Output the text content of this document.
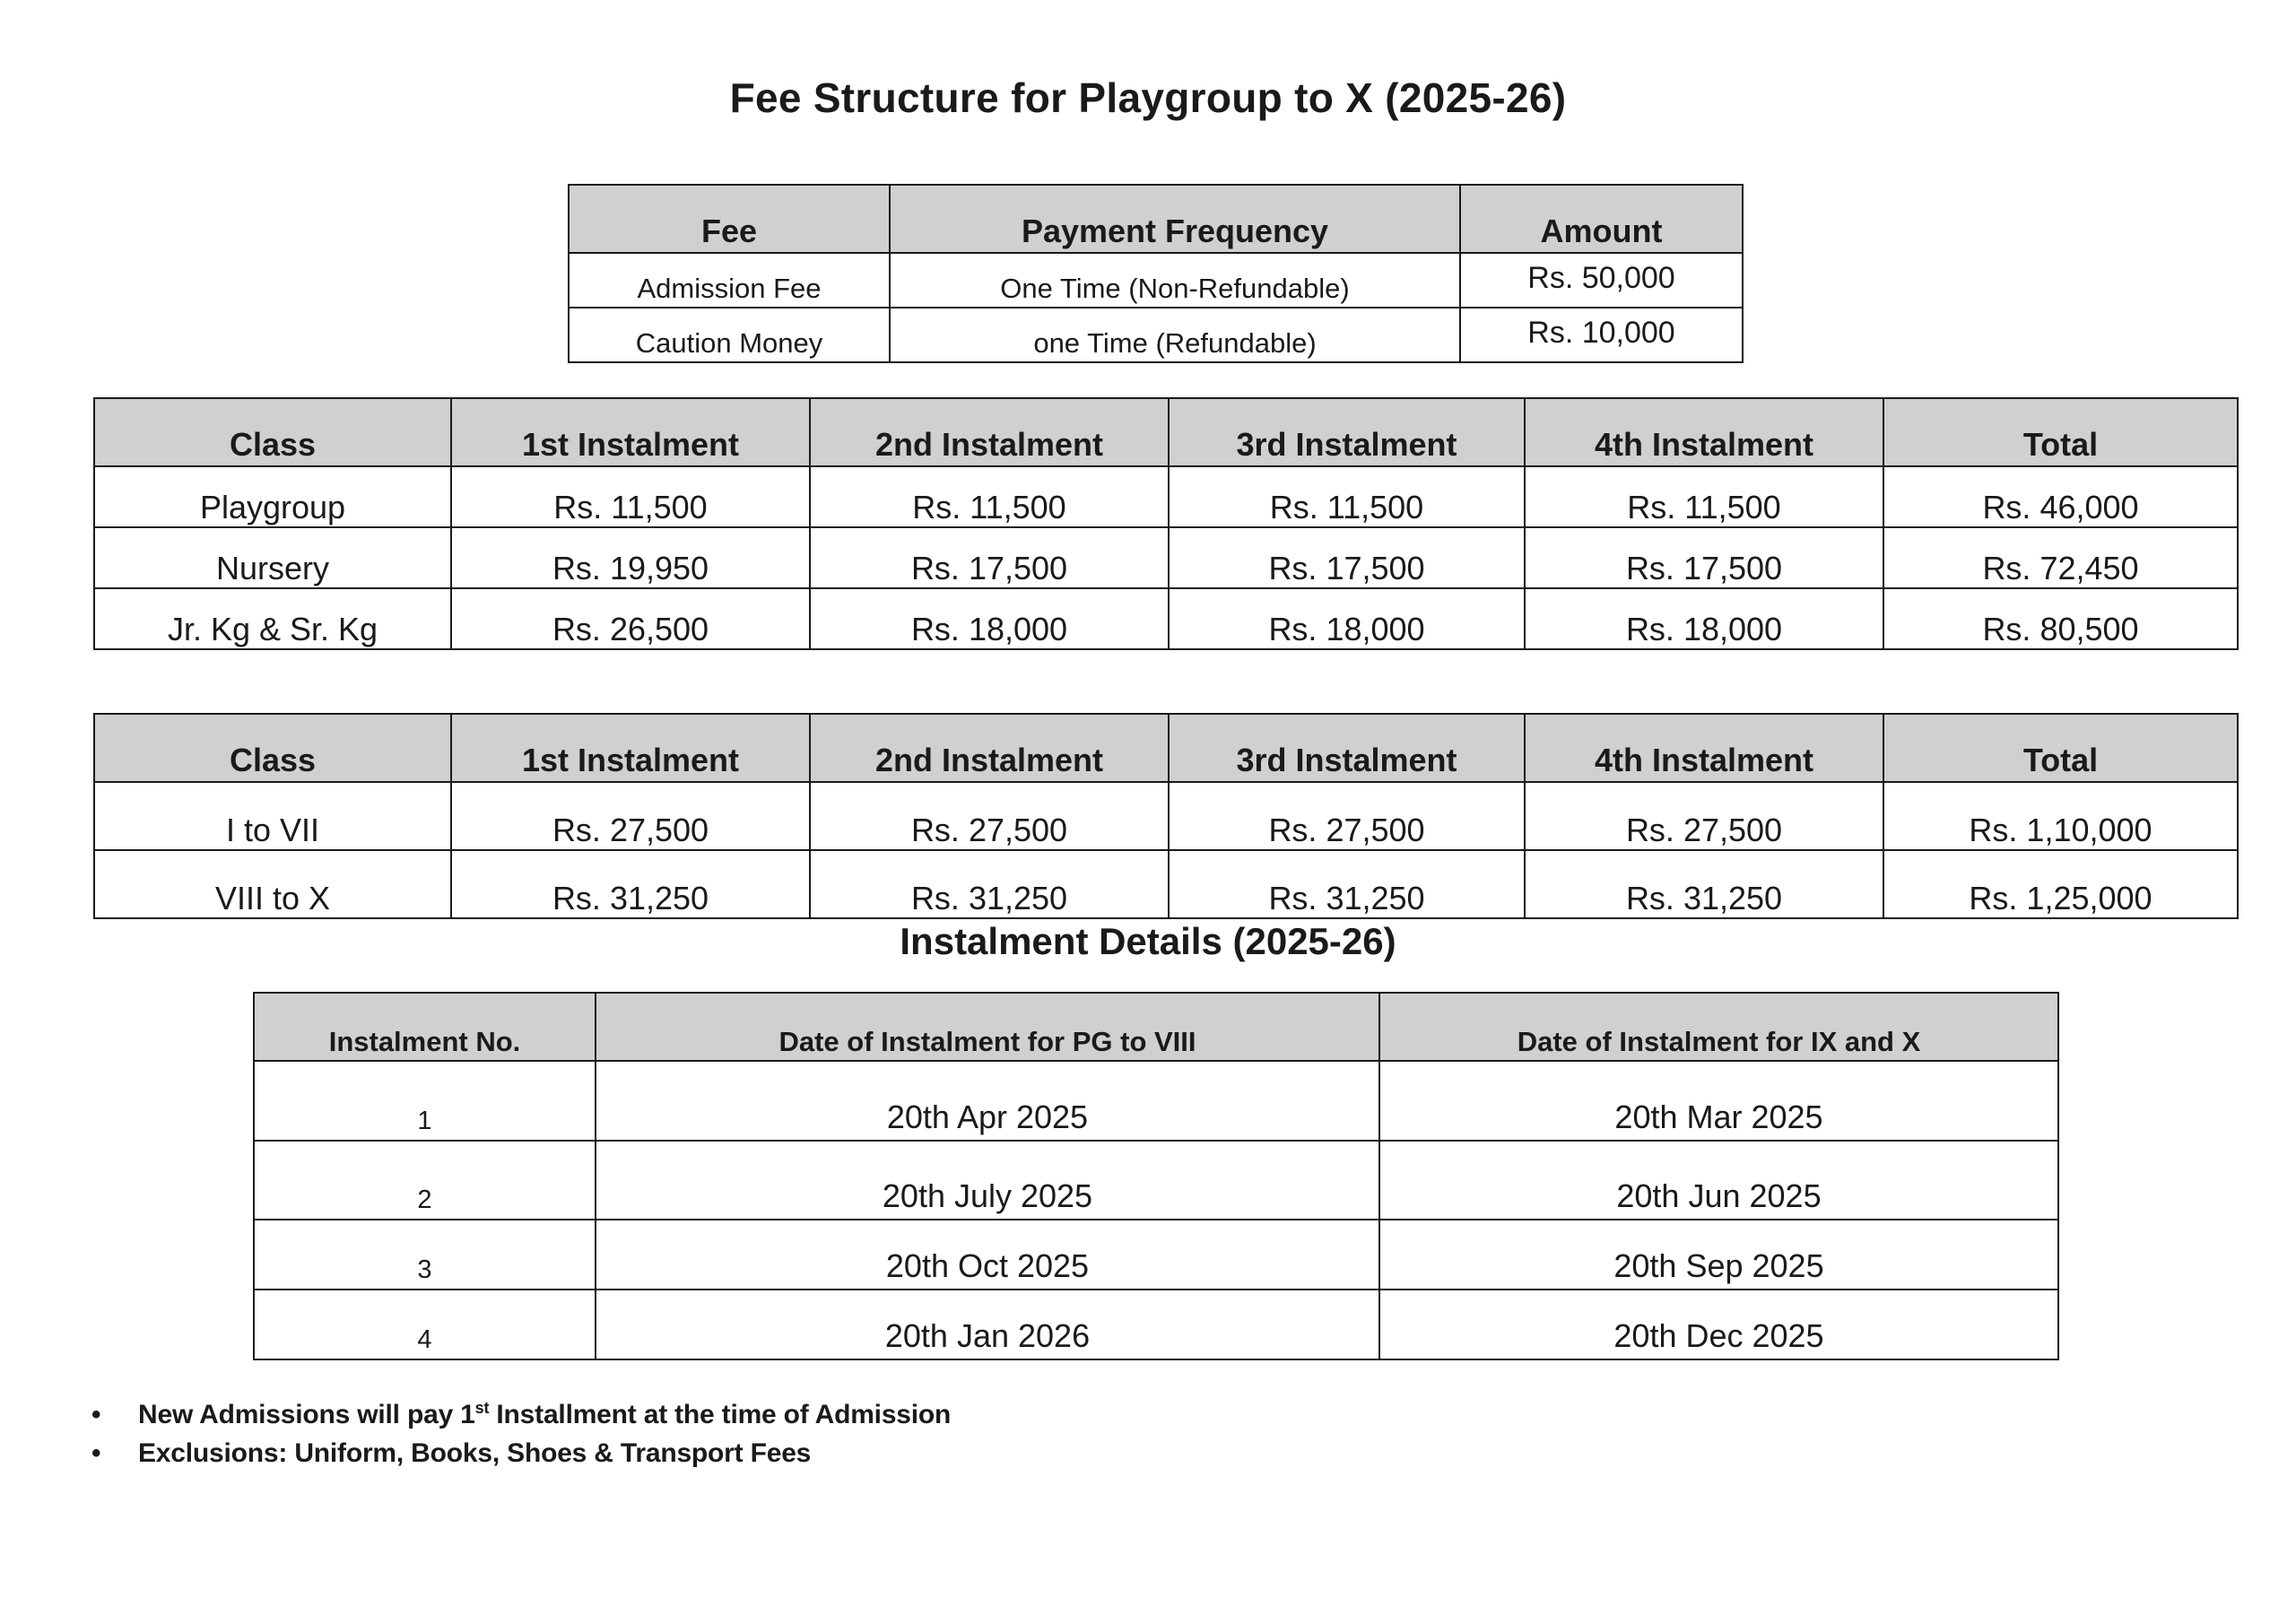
Fee Structure for Playgroup to X (2025-26)
Fee	Payment Frequency	Amount
Admission Fee	One Time (Non-Refundable)	Rs. 50,000
Caution Money	one Time (Refundable)	Rs. 10,000
Class	1st Instalment	2nd Instalment	3rd Instalment	4th Instalment	Total
Playgroup	Rs. 11,500	Rs. 11,500	Rs. 11,500	Rs. 11,500	Rs. 46,000
Nursery	Rs. 19,950	Rs. 17,500	Rs. 17,500	Rs. 17,500	Rs. 72,450
Jr. Kg & Sr. Kg	Rs. 26,500	Rs. 18,000	Rs. 18,000	Rs. 18,000	Rs. 80,500
Class	1st Instalment	2nd Instalment	3rd Instalment	4th Instalment	Total
I to VII	Rs. 27,500	Rs. 27,500	Rs. 27,500	Rs. 27,500	Rs. 1,10,000
VIII to X	Rs. 31,250	Rs. 31,250	Rs. 31,250	Rs. 31,250	Rs. 1,25,000
Instalment Details (2025-26)
Instalment No.	Date of Instalment for PG to VIII	Date of Instalment for IX and X
1	20th Apr 2025	20th Mar 2025
2	20th July 2025	20th Jun 2025
3	20th Oct 2025	20th Sep 2025
4	20th Jan 2026	20th Dec 2025
• New Admissions will pay 1st Installment at the time of Admission
• Exclusions: Uniform, Books, Shoes & Transport Fees
